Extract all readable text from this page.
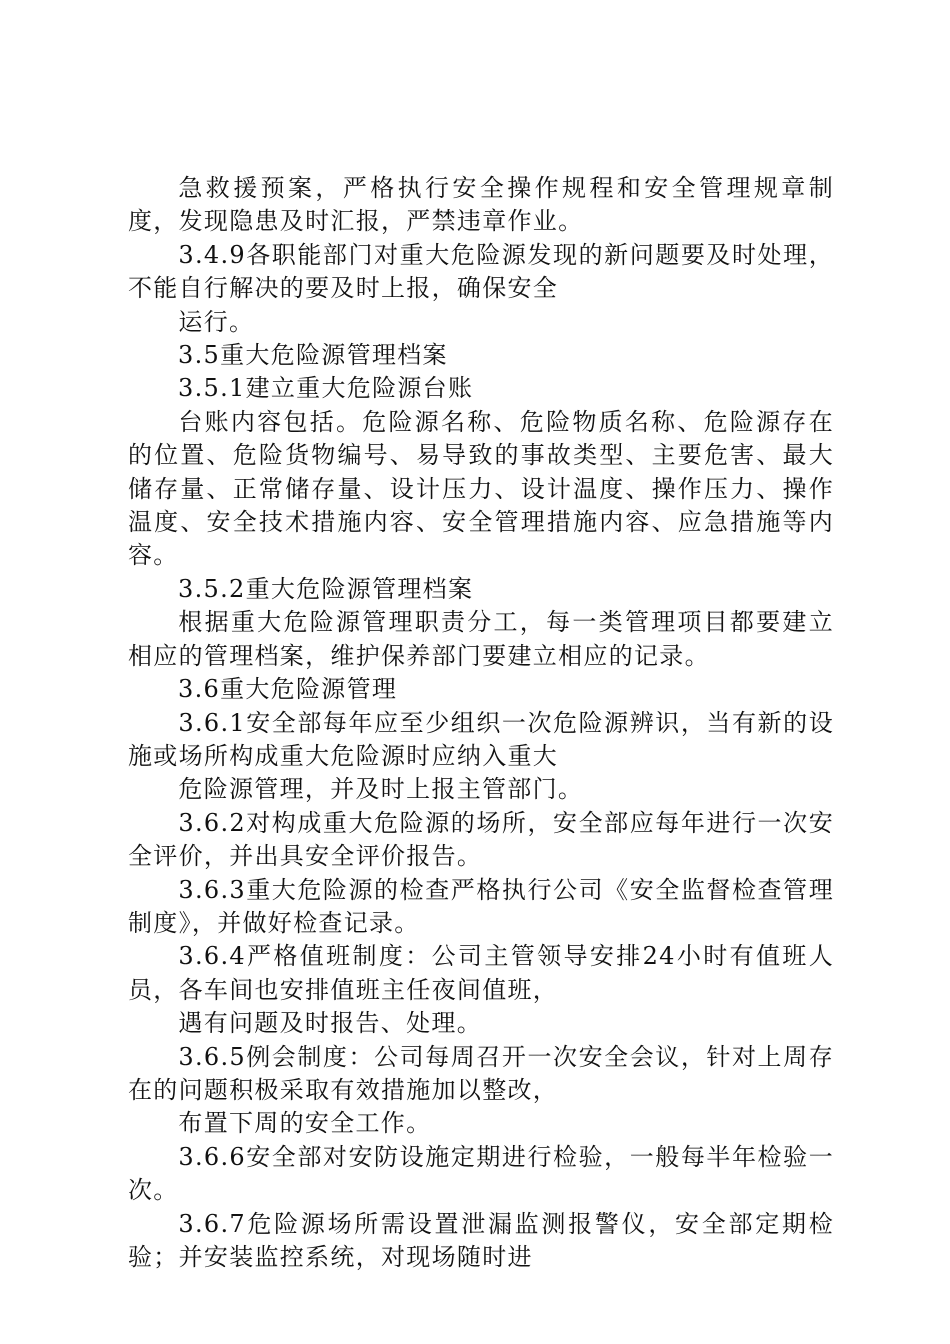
急救援预案，严格执行安全操作规程和安全管理规章制度，发现隐患及时汇报，严禁违章作业。

3.4.9各职能部门对重大危险源发现的新问题要及时处理，不能自行解决的要及时上报，确保安全

运行。

3.5重大危险源管理档案

3.5.1建立重大危险源台账

台账内容包括。危险源名称、危险物质名称、危险源存在的位置、危险货物编号、易导致的事故类型、主要危害、最大储存量、正常储存量、设计压力、设计温度、操作压力、操作温度、安全技术措施内容、安全管理措施内容、应急措施等内容。

3.5.2重大危险源管理档案

根据重大危险源管理职责分工，每一类管理项目都要建立相应的管理档案，维护保养部门要建立相应的记录。

3.6重大危险源管理

3.6.1安全部每年应至少组织一次危险源辨识，当有新的设施或场所构成重大危险源时应纳入重大

危险源管理，并及时上报主管部门。

3.6.2对构成重大危险源的场所，安全部应每年进行一次安全评价，并出具安全评价报告。

3.6.3重大危险源的检查严格执行公司《安全监督检查管理制度》，并做好检查记录。

3.6.4严格值班制度：公司主管领导安排24小时有值班人员，各车间也安排值班主任夜间值班，

遇有问题及时报告、处理。

3.6.5例会制度：公司每周召开一次安全会议，针对上周存在的问题积极采取有效措施加以整改，

布置下周的安全工作。

3.6.6安全部对安防设施定期进行检验，一般每半年检验一次。

3.6.7危险源场所需设置泄漏监测报警仪，安全部定期检验；并安装监控系统，对现场随时进
